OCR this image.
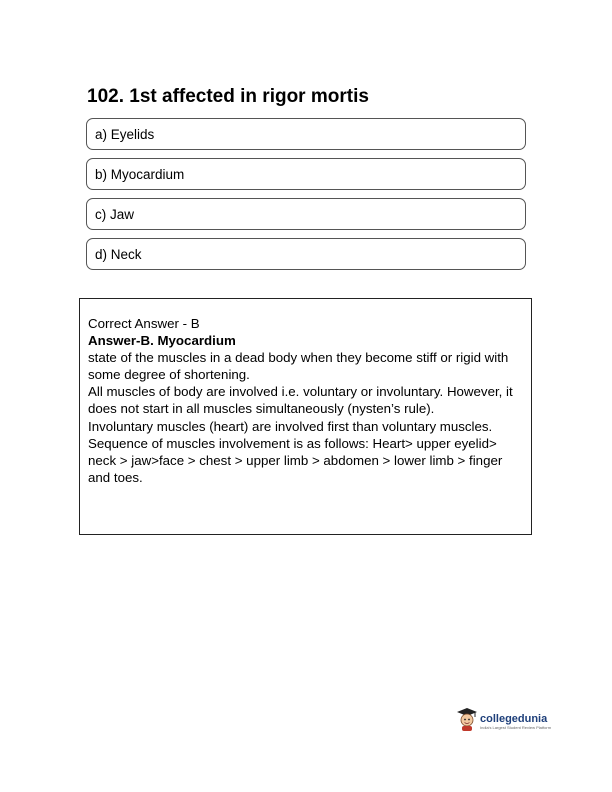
102. 1st affected in rigor mortis
a) Eyelids
b) Myocardium
c) Jaw
d) Neck

Correct Answer - B

Answer-B. Myocardium

state of the muscles in a dead body when they become stiff or rigid with some degree of shortening.

All muscles of body are involved i.e. voluntary or involuntary. However, it does not start in all muscles simultaneously (nysten’s rule).

Involuntary muscles (heart) are involved first than voluntary muscles.

Sequence of muscles involvement is as follows: Heart> upper eyelid> neck > jaw>face > chest > upper limb > abdomen > lower limb > finger and toes.

collegedunia
India's Largest Student Review Platform
